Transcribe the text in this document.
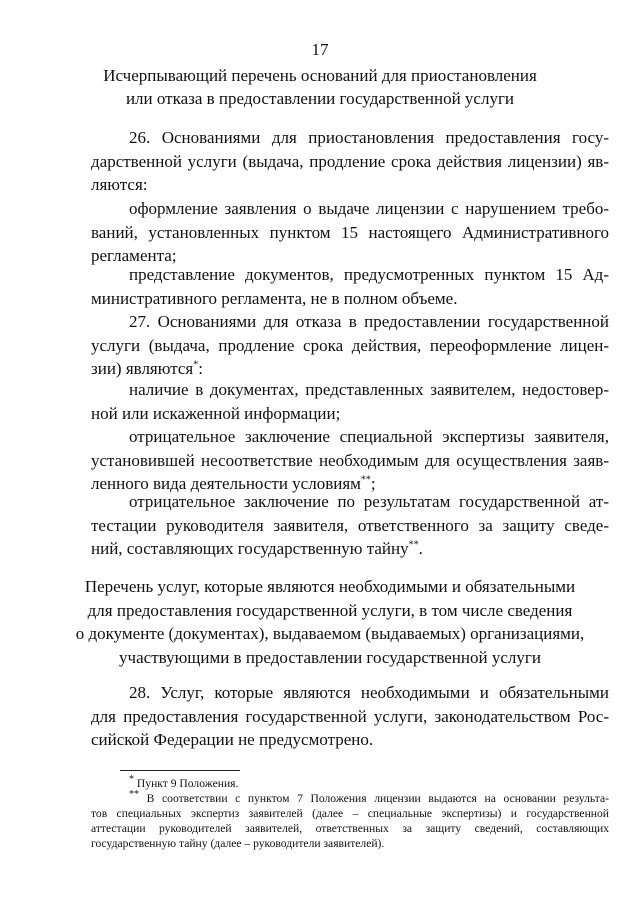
17
Исчерпывающий перечень оснований для приостановления
или отказа в предоставлении государственной услуги
26. Основаниями для приостановления предоставления госу-
дарственной услуги (выдача, продление срока действия лицензии) яв-
ляются:
оформление заявления о выдаче лицензии с нарушением требо-
ваний, установленных пунктом 15 настоящего Административного
регламента;
представление документов, предусмотренных пунктом 15 Ад-
министративного регламента, не в полном объеме.
27. Основаниями для отказа в предоставлении государственной
услуги (выдача, продление срока действия, переоформление лицен-
зии) являются*:
наличие в документах, представленных заявителем, недостовер-
ной или искаженной информации;
отрицательное заключение специальной экспертизы заявителя,
установившей несоответствие необходимым для осуществления заяв-
ленного вида деятельности условиям**;
отрицательное заключение по результатам государственной ат-
тестации руководителя заявителя, ответственного за защиту сведе-
ний, составляющих государственную тайну**.
Перечень услуг, которые являются необходимыми и обязательными
для предоставления государственной услуги, в том числе сведения
о документе (документах), выдаваемом (выдаваемых) организациями,
участвующими в предоставлении государственной услуги
28. Услуг, которые являются необходимыми и обязательными
для предоставления государственной услуги, законодательством Рос-
сийской Федерации не предусмотрено.
* Пункт 9 Положения.
** В соответствии с пунктом 7 Положения лицензии выдаются на основании результа-
тов специальных экспертиз заявителей (далее – специальные экспертизы) и государственной
аттестации руководителей заявителей, ответственных за защиту сведений, составляющих
государственную тайну (далее – руководители заявителей).
